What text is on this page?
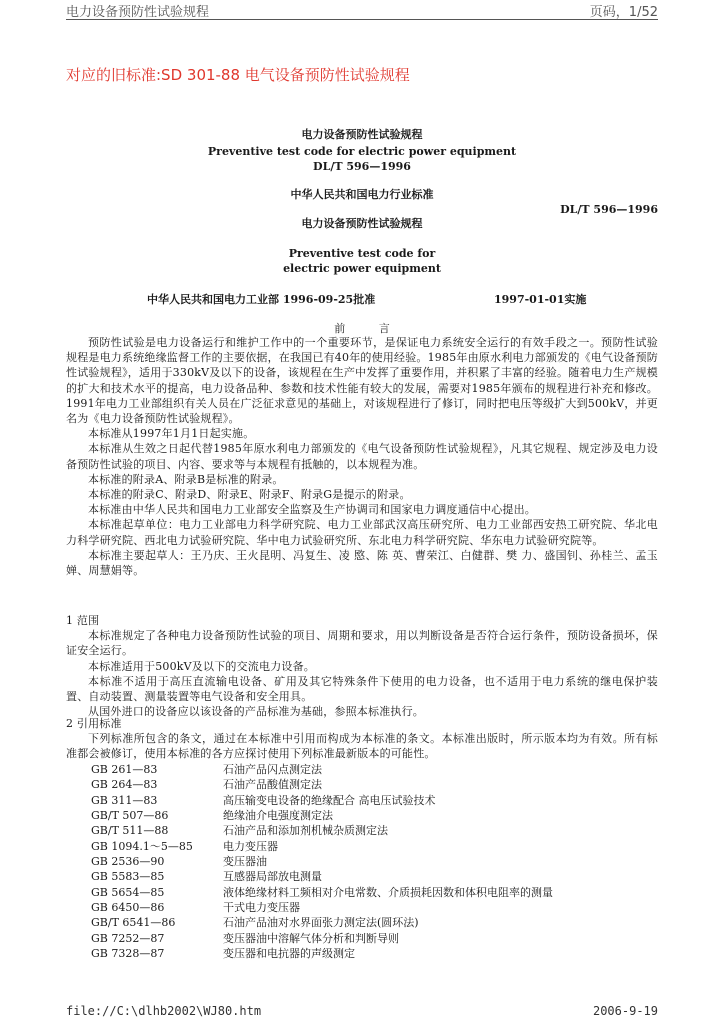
电力设备预防性试验规程	页码，1/52
对应的旧标准:SD 301-88 电气设备预防性试验规程
电力设备预防性试验规程
Preventive test code for electric power equipment
DL/T 596—1996
中华人民共和国电力行业标准
DL/T 596—1996
电力设备预防性试验规程
Preventive test code for
electric power equipment
中华人民共和国电力工业部 1996-09-25批准	1997-01-01实施
前 言

预防性试验是电力设备运行和维护工作中的一个重要环节，是保证电力系统安全运行的有效手段之一。预防性试验规程是电力系统绝缘监督工作的主要依据，在我国已有40年的使用经验。1985年由原水利电力部颁发的《电气设备预防性试验规程》，适用于330kV及以下的设备，该规程在生产中发挥了重要作用，并积累了丰富的经验。随着电力生产规模的扩大和技术水平的提高，电力设备品种、参数和技术性能有较大的发展，需要对1985年颁布的规程进行补充和修改。1991年电力工业部组织有关人员在广泛征求意见的基础上，对该规程进行了修订，同时把电压等级扩大到500kV，并更名为《电力设备预防性试验规程》。

本标准从1997年1月1日起实施。

本标准从生效之日起代替1985年原水利电力部颁发的《电气设备预防性试验规程》，凡其它规程、规定涉及电力设备预防性试验的项目、内容、要求等与本规程有抵触的，以本规程为准。

本标准的附录A、附录B是标准的附录。

本标准的附录C、附录D、附录E、附录F、附录G是提示的附录。

本标准由中华人民共和国电力工业部安全监察及生产协调司和国家电力调度通信中心提出。

本标准起草单位：电力工业部电力科学研究院、电力工业部武汉高压研究所、电力工业部西安热工研究院、华北电力科学研究院、西北电力试验研究院、华中电力试验研究所、东北电力科学研究院、华东电力试验研究院等。

本标准主要起草人：王乃庆、王火昆明、冯复生、凌 愍、陈 英、曹荣江、白健群、樊 力、盛国钊、孙桂兰、孟玉婵、周慧娟等。

1 范围

本标准规定了各种电力设备预防性试验的项目、周期和要求，用以判断设备是否符合运行条件，预防设备损坏，保证安全运行。

本标准适用于500kV及以下的交流电力设备。

本标准不适用于高压直流输电设备、矿用及其它特殊条件下使用的电力设备，也不适用于电力系统的继电保护装置、自动装置、测量装置等电气设备和安全用具。

从国外进口的设备应以该设备的产品标准为基础，参照本标准执行。

2 引用标准

下列标准所包含的条文，通过在本标准中引用而构成为本标准的条文。本标准出版时，所示版本均为有效。所有标准都会被修订，使用本标准的各方应探讨使用下列标准最新版本的可能性。

GB 261—83	石油产品闪点测定法
GB 264—83	石油产品酸值测定法
GB 311—83	高压输变电设备的绝缘配合 高电压试验技术
GB/T 507—86	绝缘油介电强度测定法
GB/T 511—88	石油产品和添加剂机械杂质测定法
GB 1094.1～5—85	电力变压器
GB 2536—90	变压器油
GB 5583—85	互感器局部放电测量
GB 5654—85	液体绝缘材料工频相对介电常数、介质损耗因数和体积电阻率的测量
GB 6450—86	干式电力变压器
GB/T 6541—86	石油产品油对水界面张力测定法(圆环法)
GB 7252—87	变压器油中溶解气体分析和判断导则
GB 7328—87	变压器和电抗器的声级测定
file://C:\dlhb2002\WJ80.htm	2006-9-19
